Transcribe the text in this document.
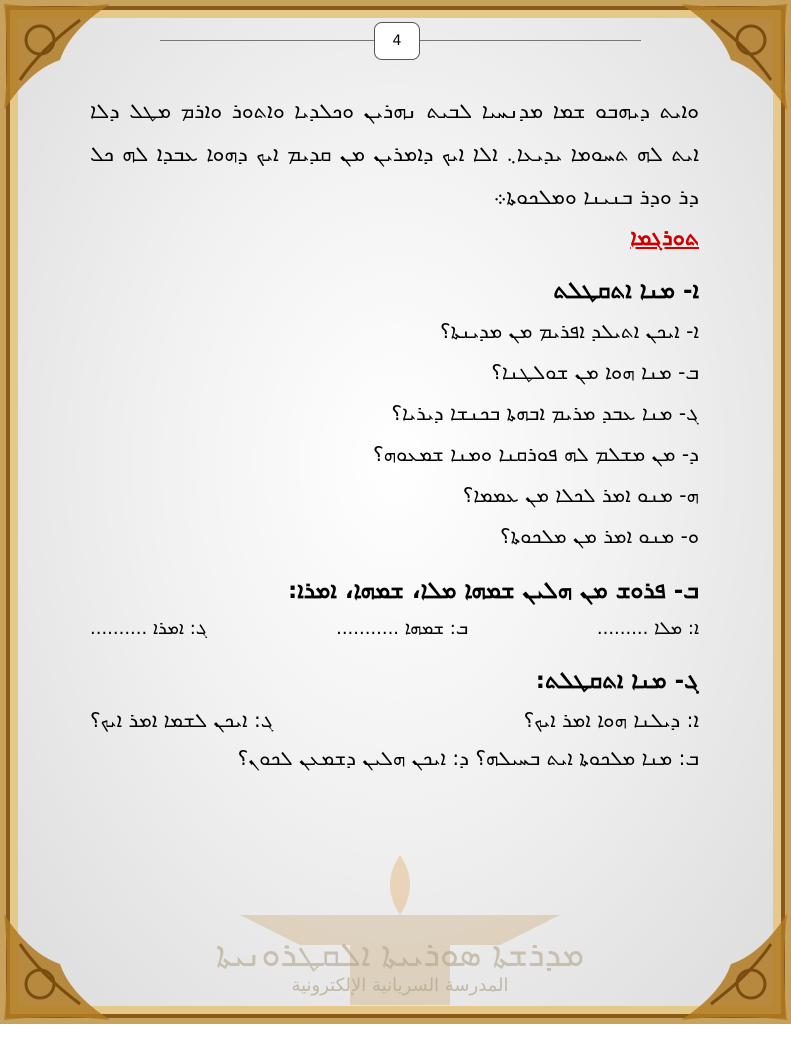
4
ܡܕܪܫܬܐ ܣܘܪܝܝܬܐ ܐܠܩܛܪܘܢܝܬܐ
المدرسة السريانية الإلكترونية

ܘܐܝܬ ܕܝܗܒܘ ܫܡܐ ܡܕܢܚܝܐ ܠܒܝܬ ܢܗܪܝܢ ܘܟܠܕܝܐ ܘܐܬܘܪ ܘܐܪܡ ܡܛܠ ܕܠܐ ܐܝܬ ܠܗ ܬܚܘܡܐ ܝܕܝܥܐ܆ ܐܠܐ ܐܝܟ ܕܐܡܪܝܢ ܡܢ ܩܕܝܡ ܐܝܟ ܕܗܘܐ ܥܒܕܐ ܠܗ ܟܠ ܕܪ ܘܕܪ ܒܢܝܢܐ ܘܡܠܟܘܬܐ܀

ܬܘܪܓܡܐ
ܐ- ܡܢܐ ܐܬܩܛܠܬ
ܐ- ܐܝܟܢ ܐܬܝܠܕ ܐܦܪܝܡ ܡܢ ܡܕܝܢܬܐ؟
ܒ- ܡܢܐ ܗܘܐ ܡܢ ܫܘܠܛܢܐ؟
ܓ- ܡܢܐ ܥܒܕ ܡܪܝܡ ܐܒܗܬܐ ܒܟܢܫܐ ܕܝܪܝܐ؟
ܕ- ܡܢ ܡܫܠܡ ܠܗ ܦܘܪܩܢܐ ܘܡܢܐ ܫܡܥܘܗ؟
ܗ- ܡܢܘ ܐܡܪ ܠܟܠܐ ܡܢ ܥܡܡܐ؟
ܘ- ܡܢܘ ܐܡܪ ܡܢ ܡܠܟܘܬܐ؟
ܒ- ܦܪܘܫ ܡܢ ܗܠܝܢ ܫܡܗܐ ܡܠܐ، ܫܡܗܐ، ܐܡܪܐ:
ܐ: ܡܠܐ .........
ܒ: ܫܡܗܐ ...........
ܓ: ܐܡܪܐ ..........
ܓ- ܡܢܐ ܐܬܩܛܠܬ:
ܐ: ܕܝܠܢܐ ܗܘܐ ܐܡܪ ܐܝܟ؟
ܓ: ܐܝܟܢ ܠܫܡܐ ܐܡܪ ܐܝܟ؟
ܒ: ܡܢܐ ܡܠܟܘܬܐ ܐܝܬ ܒܚܝܠܗ؟ ܕ: ܐܝܟܢ ܗܠܝܢ ܕܫܡܥܢ ܠܟܘܢ؟
